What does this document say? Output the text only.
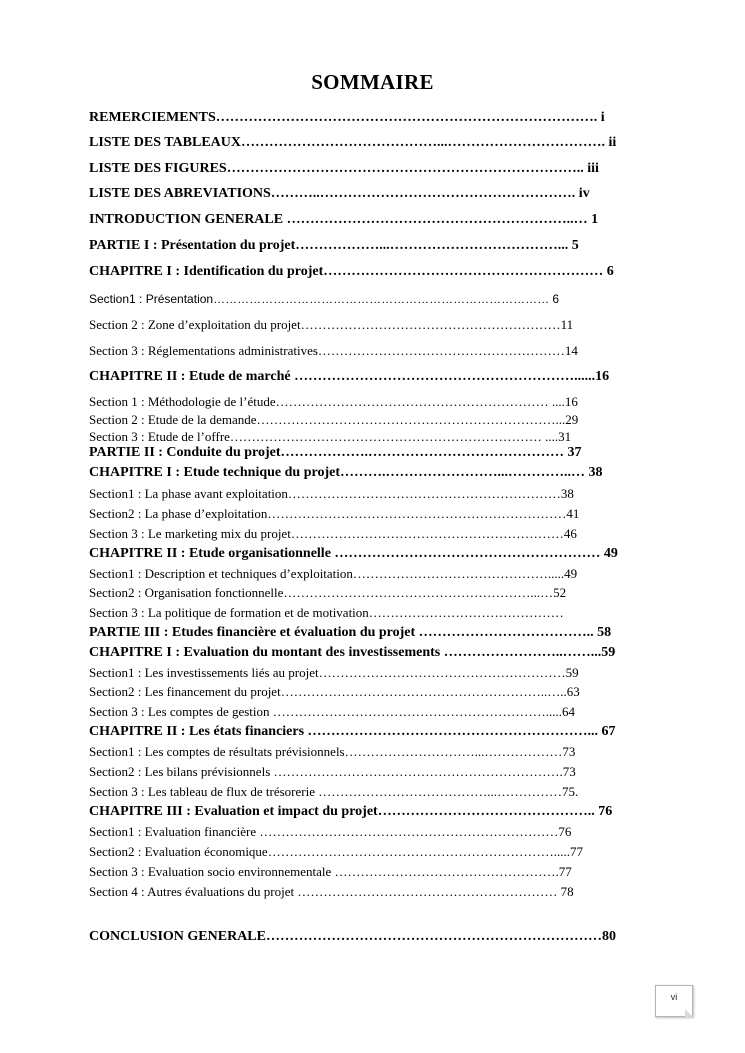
SOMMAIRE
REMERCIEMENTS………………………………………………………………………. i
LISTE DES TABLEAUX……………………………………...……………………………. ii
LISTE DES FIGURES………………………………………………………………….. iii
LISTE DES ABREVIATIONS………..………………………………………………. iv
INTRODUCTION GENERALE ……………………………………………………..… 1
PARTIE I : Présentation du projet………………...………………………………... 5
CHAPITRE I : Identification du projet…………………………………………………… 6
Section1 : Présentation………………………………………………………………………… 6
Section 2 : Zone d’exploitation du projet……………………………………………………11
Section 3 : Réglementations administratives…………………………………………………14
CHAPITRE II : Etude de marché ……………………………………………………......16
Section 1 : Méthodologie de l’étude……………………………………………………… ....16
Section 2 : Etude de la demande……………………………………………………………...29
Section 3 : Etude de l’offre……………………………………………………………… ....31
PARTIE II : Conduite du projet……………….…………………………………… 37
CHAPITRE I : Etude technique du projet……….……………………...…………..… 38
Section1 : La phase avant exploitation………………………………………………………38
Section2 : La phase d’exploitation……………………………………………………………41
Section 3 : Le marketing mix du projet………………………………………………………46
CHAPITRE II : Etude organisationnelle ………………………………………………… 49
Section1 : Description et techniques d’exploitation……………………………………….....49
Section2 : Organisation fonctionnelle…………………………………………………...…52
Section 3 : La politique de formation et de motivation………………………………………
PARTIE III : Etudes financière et évaluation du projet ……………………………….. 58
CHAPITRE I : Evaluation du montant des investissements ……………………..……...59
Section1 : Les investissements liés au projet…………………………………………………59
Section2 : Les financement du projet……………………………………………………..…..63
Section 3 : Les comptes de gestion ……………………………………………………….....64
CHAPITRE II : Les états financiers ……………………………………………………... 67
Section1 : Les comptes de résultats prévisionnels…………………………...………………73
Section2 : Les bilans prévisionnels ………………………………………………………….73
Section 3 : Les tableau de flux de trésorerie …………………………………...……………75.
CHAPITRE III : Evaluation et impact du projet……………………………………….. 76
Section1 : Evaluation financière ……………………………………………………………76
Section2 : Evaluation économique………………………………………………………….....77
Section 3 : Evaluation socio environnementale …………………………………………….77
Section 4 : Autres évaluations du projet …………………………………………………… 78
CONCLUSION GENERALE………………………………………………………………80
vi
